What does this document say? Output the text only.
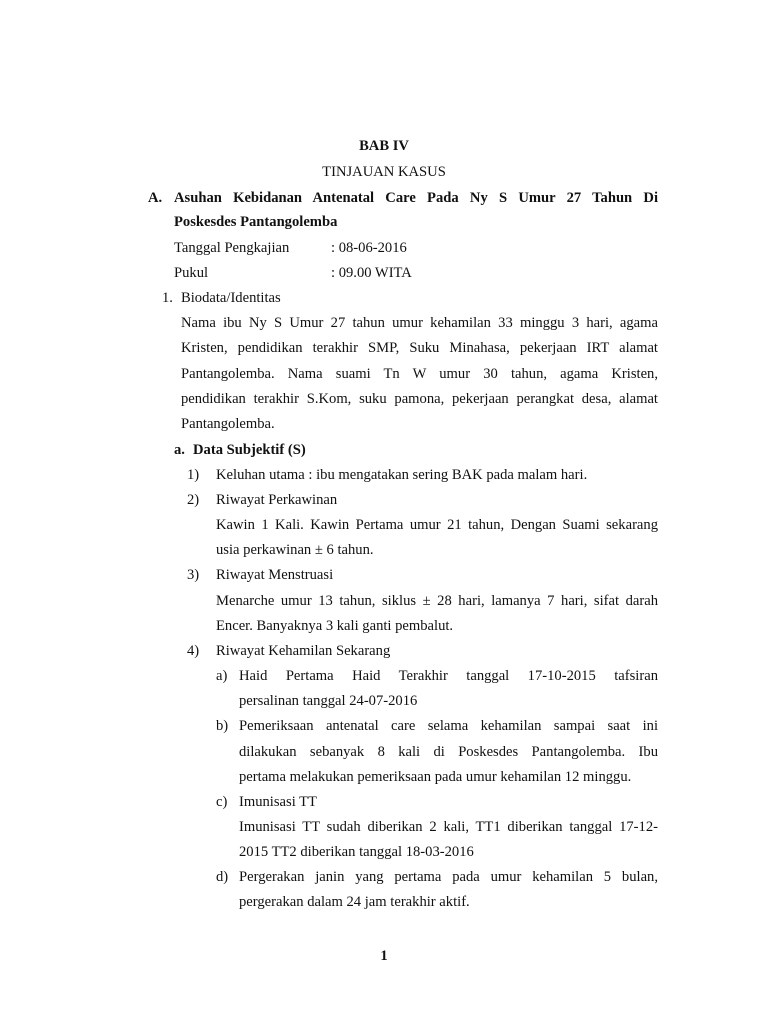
BAB IV
TINJAUAN KASUS
A. Asuhan Kebidanan Antenatal Care Pada Ny S Umur 27 Tahun Di
Poskesdes Pantangolemba
Tanggal Pengkajian	: 08-06-2016
Pukul	: 09.00 WITA
1. Biodata/Identitas
Nama ibu Ny S Umur 27 tahun umur kehamilan 33 minggu 3 hari, agama
Kristen, pendidikan terakhir SMP, Suku Minahasa, pekerjaan IRT alamat
Pantangolemba. Nama suami Tn W umur 30 tahun, agama Kristen,
pendidikan terakhir S.Kom, suku pamona, pekerjaan perangkat desa, alamat
Pantangolemba.
a. Data Subjektif (S)
1) Keluhan utama : ibu mengatakan sering BAK pada malam hari.
2) Riwayat Perkawinan
Kawin 1 Kali. Kawin Pertama umur 21 tahun, Dengan Suami sekarang
usia perkawinan ± 6 tahun.
3) Riwayat Menstruasi
Menarche umur 13 tahun, siklus ± 28 hari, lamanya 7 hari, sifat darah
Encer. Banyaknya 3 kali ganti pembalut.
4) Riwayat Kehamilan Sekarang
a) Haid Pertama Haid Terakhir tanggal 17-10-2015 tafsiran
persalinan tanggal 24-07-2016
b) Pemeriksaan antenatal care selama kehamilan sampai saat ini
dilakukan sebanyak 8 kali di Poskesdes Pantangolemba. Ibu
pertama melakukan pemeriksaan pada umur kehamilan 12 minggu.
c) Imunisasi TT
Imunisasi TT sudah diberikan 2 kali, TT1 diberikan tanggal 17-12-
2015 TT2 diberikan tanggal 18-03-2016
d) Pergerakan janin yang pertama pada umur kehamilan 5 bulan,
pergerakan dalam 24 jam terakhir aktif.
1
